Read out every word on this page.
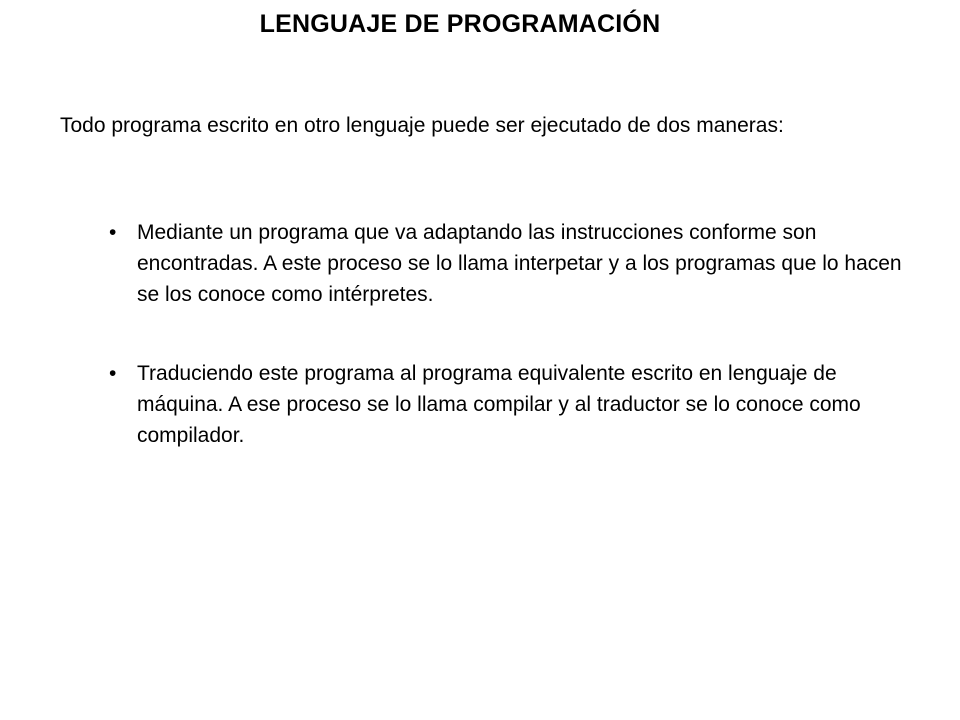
LENGUAJE DE PROGRAMACIÓN
Todo programa escrito en otro lenguaje puede ser ejecutado de dos maneras:
• Mediante un programa que va adaptando las instrucciones conforme son encontradas. A este proceso se lo llama interpetar y a los programas que lo hacen se los conoce como intérpretes.
• Traduciendo este programa al programa equivalente escrito en lenguaje de máquina. A ese proceso se lo llama compilar y al traductor se lo conoce como compilador.
